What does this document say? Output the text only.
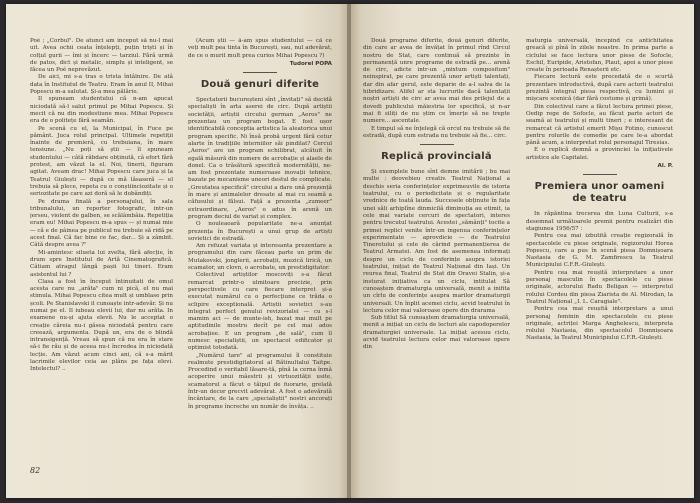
Poé ; „Corbul". De atunci am început să nu-l mai uit. Avea ochii ceata înțelepți, puțin triști și în colțul gurii — îmi și încerc — tarziul. Fără urmă de patos, dict și metalic, simplu și inteligent, se făcea un Poé neprevăzut.

De aici, mi s-a tras o trista întâlnire. De atâ data în Institutul de Teatru. Eram în anul II, Mihai Popescu m-a salutat. Și-a mea pălărie.

Il spuneam studentului că n-am apucat niciodată să-l salut primul pe Mihai Popescu. Și mecit că nu din modestiune mea. Mihai Popescu era de o politețe fără seamăn.

Pe scenă cu el, la Municipal, în Fuce pe pământ. Juca rolul principal. Ultimele repetiții înainte de premieră, cu trebuiana, în mare tensiune. „Nu poți să știi — îl spuneam studentului — câtă răbdare obținută, câ efort fără protest, am văzut la el. Noi, tinerii, figuram agitat. Aveam drac! Mihai Popescu care juca și la Teatrul Giulești — după ce mă lăsaseră — el trebuia să plece, repeta cu o conștiinciozitate și o seriozitate pe care azi doră să le dobândiți.

Pe drama finală a personajului, în sala tribunalului, un reporter fotografic, intr-un jerseu, violent de galben, se scălâmbâia. Repetiția eram eu! Mihai Popescu m-a spus — și numai mie — că e de pâinea pe publicul nu trebuie să ridă pe acest final. Că fac bine ce fac, dar... Și a zâmbit. Câtă despre avea ?"

Mi-amintesc silueta lui zvelta, fără afecție, în drum spre Institutul de Artă Cinematografică. Câtiam atragul lângă pașii lui tineri. Eram asistentul lui ?

Clasa a fost în început întinuitati de omul acesta care nu „arăta" cum ni pică, el nu mai stimula. Mihai Popescu citea mult și umblase prin școli. Pe Stanislavski il cunoaște intr-adevăr. Și nu numai pe el. Il iubeau elevii lui, dar nu arăta. In examene nu-și ajuta elevii. Nu le acceptat o creație căreia nu-i găsea niciodată pentru care creează, argumenta. După un, era de o blindă intransigență. Vreau să spun că nu era în stare să-i fie rău și de aceea nu-i încredea în niciodată lecție. Am văzut acum cinci ani, că s-a mărit lacrimile elevilor ceia ao plâns pe fața elevi. Intelectul? ‥

(Acum știi — ă-am spus studentului — că ce veți mult pea tinta în București, sau, nul adevărat, de ce o murit mult prea curios Mihai Popescu ?)

Tudorel POPA
Două genuri diferite

Spectatorii bucureșteni sînt „învitați" să decidă specialiști în arta aserei de circ. După artiștii societății, artiștii circului german „Aeros" ne prezentau un program bogat. E fost ușor identificabilă conceptia artistica la aleatorica unui program specific. Ni însă probă urgent fără cetur alarte în tradițiile interniilor săi pindilat? Cercul „Aeros" are un program echilibrat, alcătuit în egală măsură din numere de acrobație și alaele de donel. Ca o trăsătură specifică modernității, ne-am fost prezentate numeroase inovații tehnice, bazate pe mecanisme uneori destul de complicate. „Greutatea specifică" circului a dare ună prezență în mare și animalelor dresate al mai cu seamă a căfusului și fălsui. Față a prezenta „zumeer" extraordinare, „Aeros" o adus în arenă un program deciul de variat și complex.

O nouleaoară popularitate ne-a anunțat prezența în București a unui grup de artiști sovietici de estradă.

Am refuzat variata și interesanta prezentare a programului din care făceau parte un prim de Mutakovski, jonglerii, acrobații, muzică lirică, un scamator, un clovn, o acrobate, un prestidigitator.

Colectivul artiștilor moscoviți s-a făcut remarcat printr-o ulmitoare precizie, prin perspectivele cu care fiecare interpret și-a executat numărul cu o perfecțiune ce trăda o sclipire exceptională. Artiștii sovietici s-au integrat perfect genului revizorialei — cu s-l mamim aci — de munte-ish, bazat mai mult pe aptitudinile mostru decît pe cel mai ados acrobațiee. E un program „de sală", cum îl numesc specialiștii, un spectacol edificator și optimist totodată.

„Numărul tare" al programului îl constituie realmute prestidigitatorul al Bătinultalui Taitpe. Procedind o veritabil lăsare-tă, pînă la cerna înmă acoperire unui mâestrii și virtuozității usite, scamatorul a făcut o tăipul de fuorarie, grelată într-un decor grecvit adevărat. A fost o adevărată încântare, de la care „specialiștii" nostri ancorați în programe încreche un număr de învăța. ‥

82

Două programe diferite, două genuri diferite, din care ar avea de învățat în primul rînd Circul nostru de Stat, care continuă să prezinte în permanență unre programe de estradă pe... arenă de circ, adicte intr-un „mixtum compositum" neinspirat, pe care prezentă unor artiști talentați, dar din afar gerul, este deparie de a-l salva de la hibridizare. Alifel ar sta lucrurile dacă talentații noștri artiști de circ ar avea mai des prilejul de a dovedi publicului măiestria lor specifică, și n-ar mai fi siliți de nu știm ce îmerțe să ne trepte numere... ascentale.

E timpul să ne înțelegă că orcul nu trebuie să fie estradă, după cum estrada nu trebuie să fie... circ.

Replică provincială

Și exemplele bune sînt demne imitării ; bu mai multe : deovebieu creativ. Teatrul Național a deschis seria conferințelor exprimeuvile de istoria teatrului, cu o periodicitate și o regularitate vrednice de toată lauda. Succesele obținute în fața unei săli arhiplîne dinmicilă diminuția au etimit, ia cele mai variate cercuri de spectatori, interes pentru trecutul teatrului. Acestei „sămânți" tocite a primei replici venite într-un ingenua conferințelor experimentate — aprovdicie — de Teatrului Tineretului și cele de cărind permanențierea de Teatrul Armatei. Am fost de asemenea informați despre un ciclu de conferințe asupra istoriei teatrului, inițiat de Teatrul Național din Iași. Un reurea final, Teatrul de Stat din Oravei Stalin, și-a insturat inițiativa ca un ciclu, intitulat Să cunoaștem dramaturgia universală, menit a inifita un cîrlu de conferințe asupra marilor dramaturgii universali. Un înplit acemei ciclu, acvid teatrului în lectura celor mai valoroase opere din drarama

Sub titlul Să cunoaștem dramaturgia universală, menit a inițiat un ciclu de lecturi ale capodoperelor dramaturgiei universale. La inițiat acesuu ciclu, acvid teatrului lectura celor mai valoroase opere din

maturgia universală, începînd cu antichitatea greacă și pînă în zilele noastre. In prima parte a ciclului se face lectura unor piese de Sofocle, Eschil, Euripide, Aristofan, Plaut, apoi a unor piese create în perioada Renașterii etc.

Fiecare lectură este precedată de o scurtă prezentare introductivă, după care actorii teatrului prezintă integral piesa respectivă, cu lumini și mișcare scenică (dar fără costume și grimă).

Din colectivul care a făcut lectura primei piese, Oedip rege de Sofocle, au făcut parte actori de seamă ai teatrului și multi tineri ; e interesant de remarcat că artistul emerit Mișu Fotino, cunoscut pentru rolurile de comedie pe care le-a abordat până acum, a interpretat rolul personajul Tiresias.

E o replică demnă a provinciei la inițiativele artistice ale Capitalei.

Al. P.
Premiera unor oameni de teatru

In răpăntina trecerea din Luna Culturii, s-a desemnat următoarele premii pentru realizări din stagiunea 1956/57 :

Pentru cea mai izbutită creație regizorală în spectacolele cu piese originale, regizorului Horea Popescu, care a pus în scenă piesa Domnișoara Nastasia de G. M. Zamfirescu la Teatrul Municipiului C.F.R.-Giulești.

Pentru cea mai reușită interpretare a unor personaj masculin în spectacolele cu piese originale, actorului Radu Beligan — interpretul rolului Cordeu din piesa Ziarista de Al. Mirodan, la Teatrul Național „I. L. Caragiale".

Pentru cea mai reușită interpretare a unui personaj feminin din spectacolele cu piese originale, actriței Marga Anghelescu, interpreta rolului Nastasia, din spectacolul Domnișoara Nastasia, la Teatrul Municipiului C.F.R.-Giulești.
